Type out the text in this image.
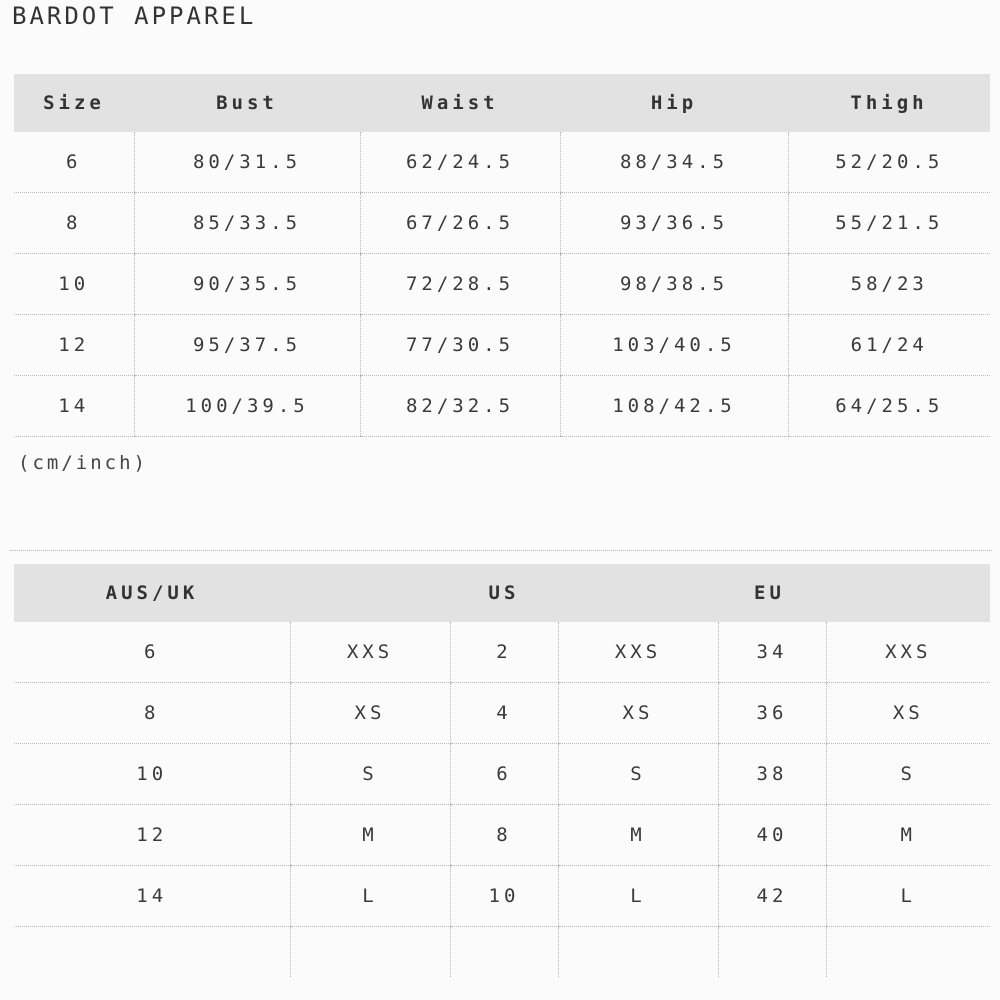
BARDOT APPAREL
Size	Bust	Waist	Hip	Thigh
6	80/31.5	62/24.5	88/34.5	52/20.5
8	85/33.5	67/26.5	93/36.5	55/21.5
10	90/35.5	72/28.5	98/38.5	58/23
12	95/37.5	77/30.5	103/40.5	61/24
14	100/39.5	82/32.5	108/42.5	64/25.5
(cm/inch)
AUS/UK	US			EU	
6	XXS	2	XXS	34	XXS
8	XS	4	XS	36	XS
10	S	6	S	38	S
12	M	8	M	40	M
14	L	10	L	42	L
